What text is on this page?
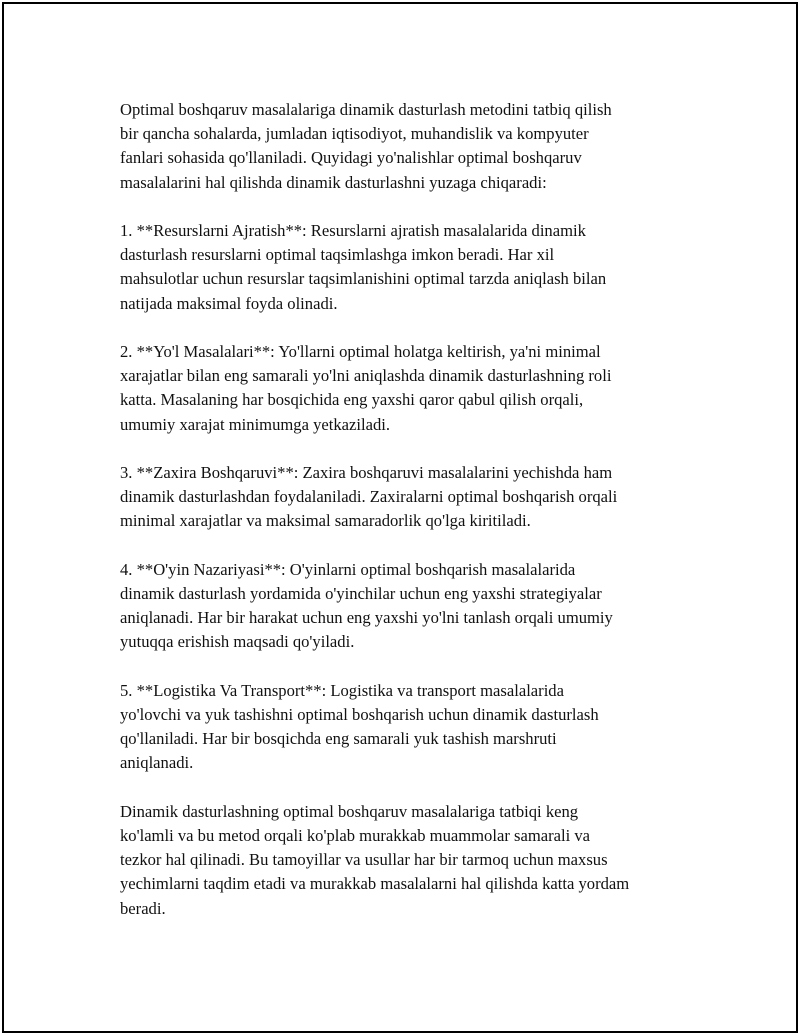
Optimal boshqaruv masalalariga dinamik dasturlash metodini tatbiq qilish
bir qancha sohalarda, jumladan iqtisodiyot, muhandislik va kompyuter
fanlari sohasida qo'llaniladi. Quyidagi yo'nalishlar optimal boshqaruv
masalalarini hal qilishda dinamik dasturlashni yuzaga chiqaradi:

1. **Resurslarni Ajratish**: Resurslarni ajratish masalalarida dinamik
dasturlash resurslarni optimal taqsimlashga imkon beradi. Har xil
mahsulotlar uchun resurslar taqsimlanishini optimal tarzda aniqlash bilan
natijada maksimal foyda olinadi.

2. **Yo'l Masalalari**: Yo'llarni optimal holatga keltirish, ya'ni minimal
xarajatlar bilan eng samarali yo'lni aniqlashda dinamik dasturlashning roli
katta. Masalaning har bosqichida eng yaxshi qaror qabul qilish orqali,
umumiy xarajat minimumga yetkaziladi.

3. **Zaxira Boshqaruvi**: Zaxira boshqaruvi masalalarini yechishda ham
dinamik dasturlashdan foydalaniladi. Zaxiralarni optimal boshqarish orqali
minimal xarajatlar va maksimal samaradorlik qo'lga kiritiladi.

4. **O'yin Nazariyasi**: O'yinlarni optimal boshqarish masalalarida
dinamik dasturlash yordamida o'yinchilar uchun eng yaxshi strategiyalar
aniqlanadi. Har bir harakat uchun eng yaxshi yo'lni tanlash orqali umumiy
yutuqqa erishish maqsadi qo'yiladi.

5. **Logistika Va Transport**: Logistika va transport masalalarida
yo'lovchi va yuk tashishni optimal boshqarish uchun dinamik dasturlash
qo'llaniladi. Har bir bosqichda eng samarali yuk tashish marshruti
aniqlanadi.

Dinamik dasturlashning optimal boshqaruv masalalariga tatbiqi keng
ko'lamli va bu metod orqali ko'plab murakkab muammolar samarali va
tezkor hal qilinadi. Bu tamoyillar va usullar har bir tarmoq uchun maxsus
yechimlarni taqdim etadi va murakkab masalalarni hal qilishda katta yordam
beradi.
